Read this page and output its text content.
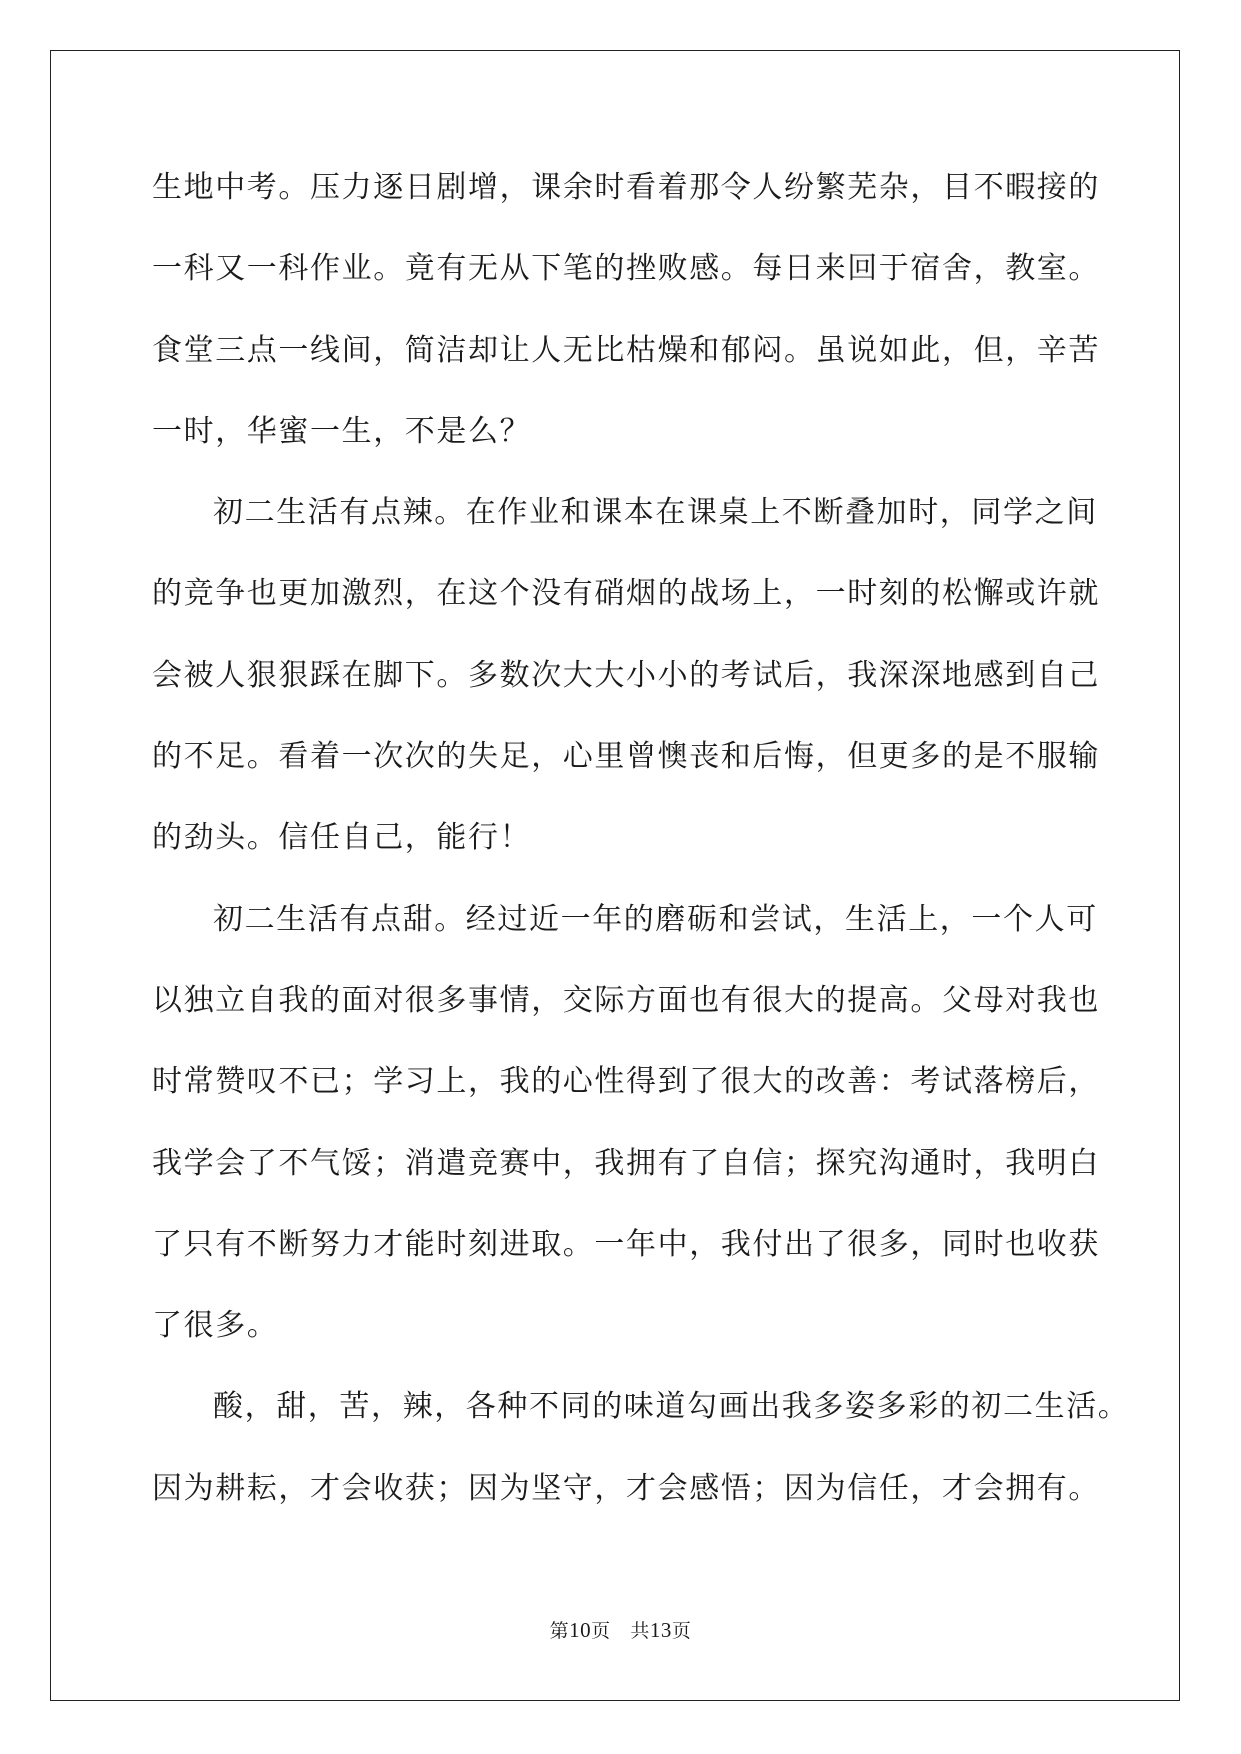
生地中考。压力逐日剧增，课余时看着那令人纷繁芜杂，目不暇接的

一科又一科作业。竟有无从下笔的挫败感。每日来回于宿舍，教室。

食堂三点一线间，简洁却让人无比枯燥和郁闷。虽说如此，但，辛苦

一时，华蜜一生，不是么？

初二生活有点辣。在作业和课本在课桌上不断叠加时，同学之间

的竞争也更加激烈，在这个没有硝烟的战场上，一时刻的松懈或许就

会被人狠狠踩在脚下。多数次大大小小的考试后，我深深地感到自己

的不足。看着一次次的失足，心里曾懊丧和后悔，但更多的是不服输

的劲头。信任自己，能行！

初二生活有点甜。经过近一年的磨砺和尝试，生活上，一个人可

以独立自我的面对很多事情，交际方面也有很大的提高。父母对我也

时常赞叹不已；学习上，我的心性得到了很大的改善：考试落榜后，

我学会了不气馁；消遣竞赛中，我拥有了自信；探究沟通时，我明白

了只有不断努力才能时刻进取。一年中，我付出了很多，同时也收获

了很多。

酸，甜，苦，辣，各种不同的味道勾画出我多姿多彩的初二生活。

因为耕耘，才会收获；因为坚守，才会感悟；因为信任，才会拥有。

第10页 共13页
